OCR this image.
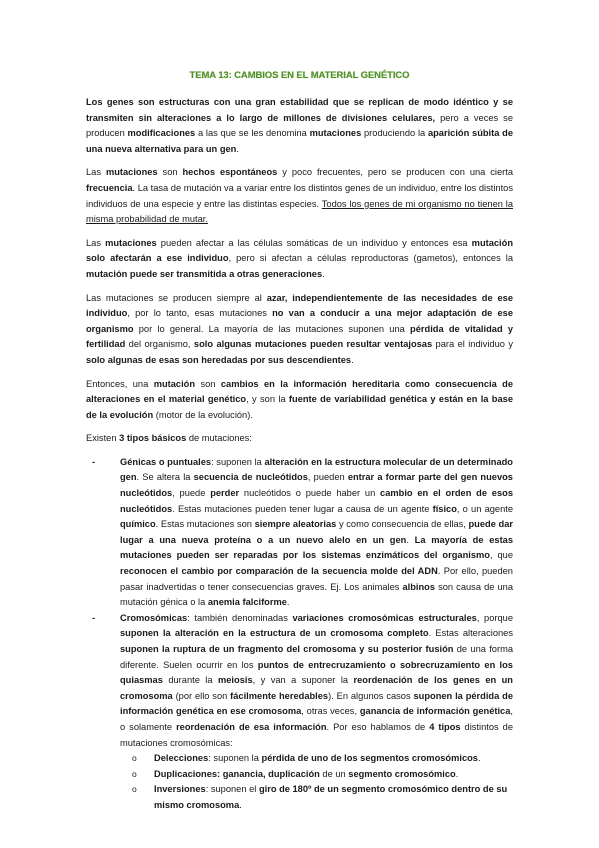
TEMA 13: CAMBIOS EN EL MATERIAL GENÉTICO

Los genes son estructuras con una gran estabilidad que se replican de modo idéntico y se transmiten sin alteraciones a lo largo de millones de divisiones celulares, pero a veces se producen modificaciones a las que se les denomina mutaciones produciendo la aparición súbita de una nueva alternativa para un gen.

Las mutaciones son hechos espontáneos y poco frecuentes, pero se producen con una cierta frecuencia. La tasa de mutación va a variar entre los distintos genes de un individuo, entre los distintos individuos de una especie y entre las distintas especies. Todos los genes de mi organismo no tienen la misma probabilidad de mutar.

Las mutaciones pueden afectar a las células somáticas de un individuo y entonces esa mutación solo afectarán a ese individuo, pero si afectan a células reproductoras (gametos), entonces la mutación puede ser transmitida a otras generaciones.

Las mutaciones se producen siempre al azar, independientemente de las necesidades de ese individuo, por lo tanto, esas mutaciones no van a conducir a una mejor adaptación de ese organismo por lo general. La mayoría de las mutaciones suponen una pérdida de vitalidad y fertilidad del organismo, solo algunas mutaciones pueden resultar ventajosas para el individuo y solo algunas de esas son heredadas por sus descendientes.

Entonces, una mutación son cambios en la información hereditaria como consecuencia de alteraciones en el material genético, y son la fuente de variabilidad genética y están en la base de la evolución (motor de la evolución).

Existen 3 tipos básicos de mutaciones:

- Génicas o puntuales: suponen la alteración en la estructura molecular de un determinado gen. Se altera la secuencia de nucleótidos, pueden entrar a formar parte del gen nuevos nucleótidos, puede perder nucleótidos o puede haber un cambio en el orden de esos nucleótidos. Estas mutaciones pueden tener lugar a causa de un agente físico, o un agente químico. Estas mutaciones son siempre aleatorias y como consecuencia de ellas, puede dar lugar a una nueva proteína o a un nuevo alelo en un gen. La mayoría de estas mutaciones pueden ser reparadas por los sistemas enzimáticos del organismo, que reconocen el cambio por comparación de la secuencia molde del ADN. Por ello, pueden pasar inadvertidas o tener consecuencias graves. Ej. Los animales albinos son causa de una mutación génica o la anemia falciforme.
- Cromosómicas: también denominadas variaciones cromosómicas estructurales, porque suponen la alteración en la estructura de un cromosoma completo. Estas alteraciones suponen la ruptura de un fragmento del cromosoma y su posterior fusión de una forma diferente. Suelen ocurrir en los puntos de entrecruzamiento o sobrecruzamiento en los quiasmas durante la meiosis, y van a suponer la reordenación de los genes en un cromosoma (por ello son fácilmente heredables). En algunos casos suponen la pérdida de información genética en ese cromosoma, otras veces, ganancia de información genética, o solamente reordenación de esa información. Por eso hablamos de 4 tipos distintos de mutaciones cromosómicas:
o Delecciones: suponen la pérdida de uno de los segmentos cromosómicos.
o Duplicaciones: ganancia, duplicación de un segmento cromosómico.
o Inversiones: suponen el giro de 180º de un segmento cromosómico dentro de su mismo cromosoma.
